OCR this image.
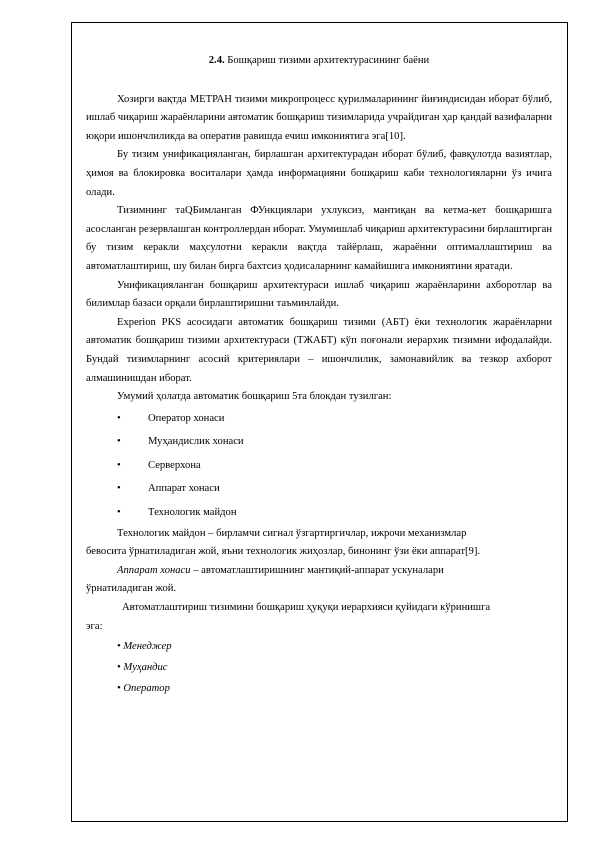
2.4. Бошқариш тизими архитектурасининг баёни

Хозирги вақтда МЕТРАН тизими микропроцесс қурилмаларининг йиғиндисидан иборат бўлиб, ишлаб чиқариш жараёнларини автоматик бошқариш тизимларида учрайдиган ҳар қандай вазифаларни юқори ишончлиликда ва оператив равишда ечиш имкониятига эга[10].

Бу тизим унификацияланган, бирлашган архитектурадан иборат бўлиб, фавқулотда вазиятлар, ҳимоя ва блокировка воситалари ҳамда информацияни бошқариш каби технологияларни ўз ичига олади.

Тизимнинг таQБимланган ФУнкциялари ухлуксиз, мантиқан ва кетма-кет бошқаришга асосланган резервлашган контроллердан иборат. Умумишлаб чиқариш архитектурасини бирлаштирган бу тизим керакли маҳсулотни керакли вақтда тайёрлаш, жараённи оптималлаштириш ва автоматлаштириш, шу билан бирга бахтсиз ҳодисаларнинг камайишига имкониятини яратади.

Унификацияланган бошқариш архитектураси ишлаб чиқариш жараёнларини ахборотлар ва билимлар базаси орқали бирлаштиришни таъминлайди.

Experion PKS асосидаги автоматик бошқариш тизими (АБТ) ёки технологик жараёнларни автоматик бошқариш тизими архитектураси (ТЖАБТ) кўп поғонали иерархик тизимни ифодалайди. Бундай тизимларнинг асосий критериялари – ишончлилик, замонавийлик ва тезкор ахборот алмашинишдан иборат.

Умумий ҳолатда автоматик бошқариш 5та блокдан тузилган:

•	Оператор хонаси
•	Муҳандислик хонаси
•	Серверхона
•	Аппарат хонаси
•	Технологик майдон

Технологик майдон – бирламчи сигнал ўзгартиргичлар, ижрочи механизмлар

бевосита ўрнатиладиган жой, яъни технологик жиҳозлар, бинонинг ўзи ёки аппарат[9].

Аппарат хонаси – автоматлаштиришнинг мантиқий-аппарат ускуналари

ўрнатиладиган жой.

Автоматлаштириш тизимини бошқариш ҳуқуқи иерархияси қуйидаги кўринишга

эга:

• Менеджер
• Муҳандис
• Оператор
